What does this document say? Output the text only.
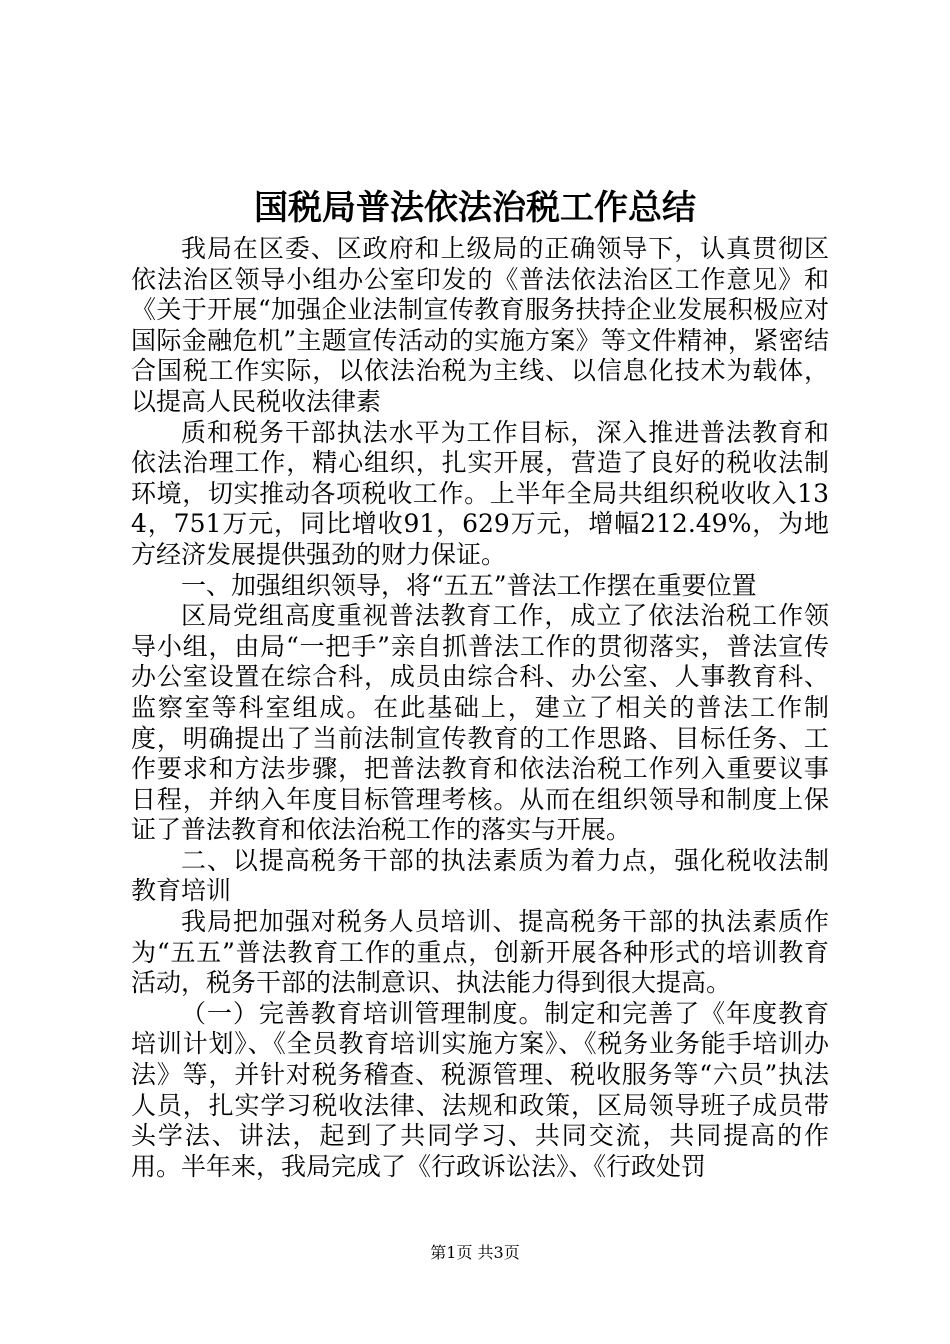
国税局普法依法治税工作总结

我局在区委、区政府和上级局的正确领导下，认真贯彻区依法治区领导小组办公室印发的《普法依法治区工作意见》和《关于开展“加强企业法制宣传教育服务扶持企业发展积极应对国际金融危机”主题宣传活动的实施方案》等文件精神，紧密结合国税工作实际，以依法治税为主线、以信息化技术为载体，以提高人民税收法律素

质和税务干部执法水平为工作目标，深入推进普法教育和依法治理工作，精心组织，扎实开展，营造了良好的税收法制环境，切实推动各项税收工作。上半年全局共组织税收收入134，751万元，同比增收91，629万元，增幅212.49%，为地方经济发展提供强劲的财力保证。

一、加强组织领导，将“五五”普法工作摆在重要位置

区局党组高度重视普法教育工作，成立了依法治税工作领导小组，由局“一把手”亲自抓普法工作的贯彻落实，普法宣传办公室设置在综合科，成员由综合科、办公室、人事教育科、监察室等科室组成。在此基础上，建立了相关的普法工作制度，明确提出了当前法制宣传教育的工作思路、目标任务、工作要求和方法步骤，把普法教育和依法治税工作列入重要议事日程，并纳入年度目标管理考核。从而在组织领导和制度上保证了普法教育和依法治税工作的落实与开展。

二、以提高税务干部的执法素质为着力点，强化税收法制教育培训

我局把加强对税务人员培训、提高税务干部的执法素质作为“五五”普法教育工作的重点，创新开展各种形式的培训教育活动，税务干部的法制意识、执法能力得到很大提高。

（一）完善教育培训管理制度。制定和完善了《年度教育培训计划》、《全员教育培训实施方案》、《税务业务能手培训办法》等，并针对税务稽查、税源管理、税收服务等“六员”执法人员，扎实学习税收法律、法规和政策，区局领导班子成员带头学法、讲法，起到了共同学习、共同交流，共同提高的作用。半年来，我局完成了《行政诉讼法》、《行政处罚

第1页 共3页
